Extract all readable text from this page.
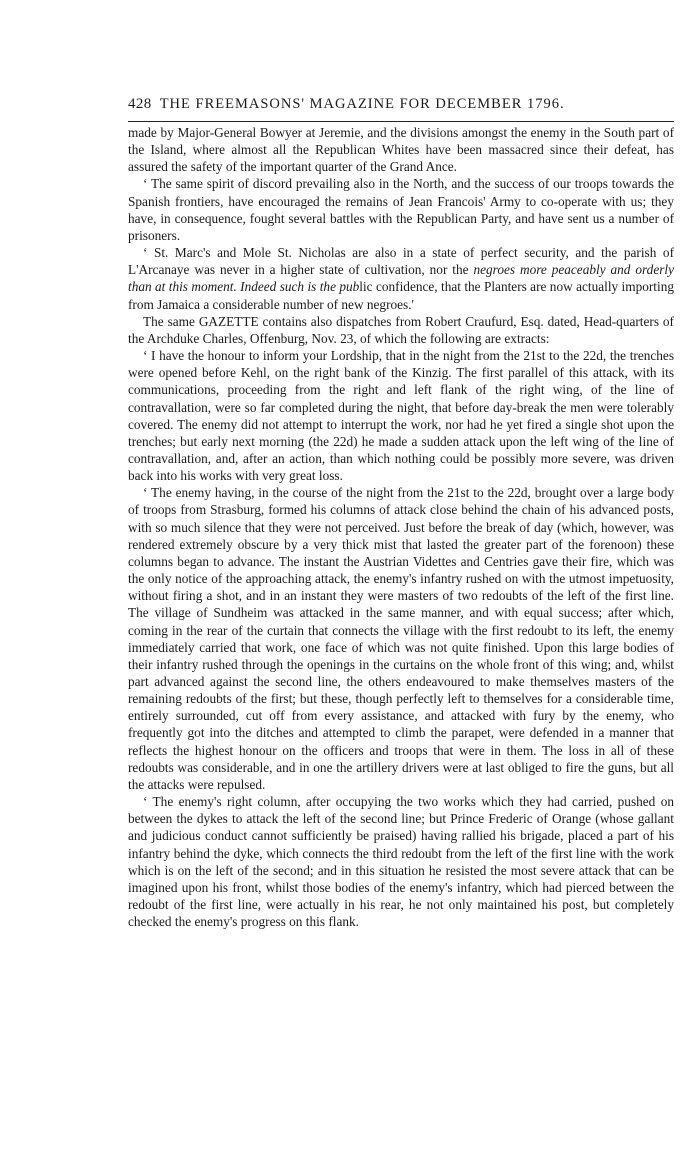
428 THE FREEMASONS' MAGAZINE FOR DECEMBER 1796.

made by Major-General Bowyer at Jeremie, and the divisions amongst the enemy in the South part of the Island, where almost all the Republican Whites have been massacred since their defeat, has assured the safety of the important quarter of the Grand Ance.

‘ The same spirit of discord prevailing also in the North, and the success of our troops towards the Spanish frontiers, have encouraged the remains of Jean Francois' Army to co-operate with us; they have, in consequence, fought several battles with the Republican Party, and have sent us a number of prisoners.

‘ St. Marc's and Mole St. Nicholas are also in a state of perfect security, and the parish of L'Arcanaye was never in a higher state of cultivation, nor the negroes more peaceably and orderly than at this moment. Indeed such is the public confidence, that the Planters are now actually importing from Jamaica a considerable number of new negroes.'

The same GAZETTE contains also dispatches from Robert Craufurd, Esq. dated, Head-quarters of the Archduke Charles, Offenburg, Nov. 23, of which the following are extracts:

‘ I have the honour to inform your Lordship, that in the night from the 21st to the 22d, the trenches were opened before Kehl, on the right bank of the Kinzig. The first parallel of this attack, with its communications, proceeding from the right and left flank of the right wing, of the line of contravallation, were so far completed during the night, that before day-break the men were tolerably covered. The enemy did not attempt to interrupt the work, nor had he yet fired a single shot upon the trenches; but early next morning (the 22d) he made a sudden attack upon the left wing of the line of contravallation, and, after an action, than which nothing could be possibly more severe, was driven back into his works with very great loss.

‘ The enemy having, in the course of the night from the 21st to the 22d, brought over a large body of troops from Strasburg, formed his columns of attack close behind the chain of his advanced posts, with so much silence that they were not perceived. Just before the break of day (which, however, was rendered extremely obscure by a very thick mist that lasted the greater part of the forenoon) these columns began to advance. The instant the Austrian Videttes and Centries gave their fire, which was the only notice of the approaching attack, the enemy's infantry rushed on with the utmost impetuosity, without firing a shot, and in an instant they were masters of two redoubts of the left of the first line. The village of Sundheim was attacked in the same manner, and with equal success; after which, coming in the rear of the curtain that connects the village with the first redoubt to its left, the enemy immediately carried that work, one face of which was not quite finished. Upon this large bodies of their infantry rushed through the openings in the curtains on the whole front of this wing; and, whilst part advanced against the second line, the others endeavoured to make themselves masters of the remaining redoubts of the first; but these, though perfectly left to themselves for a considerable time, entirely surrounded, cut off from every assistance, and attacked with fury by the enemy, who frequently got into the ditches and attempted to climb the parapet, were defended in a manner that reflects the highest honour on the officers and troops that were in them. The loss in all of these redoubts was considerable, and in one the artillery drivers were at last obliged to fire the guns, but all the attacks were repulsed.

‘ The enemy's right column, after occupying the two works which they had carried, pushed on between the dykes to attack the left of the second line; but Prince Frederic of Orange (whose gallant and judicious conduct cannot sufficiently be praised) having rallied his brigade, placed a part of his infantry behind the dyke, which connects the third redoubt from the left of the first line with the work which is on the left of the second; and in this situation he resisted the most severe attack that can be imagined upon his front, whilst those bodies of the enemy's infantry, which had pierced between the redoubt of the first line, were actually in his rear, he not only maintained his post, but completely checked the enemy's progress on this flank.
